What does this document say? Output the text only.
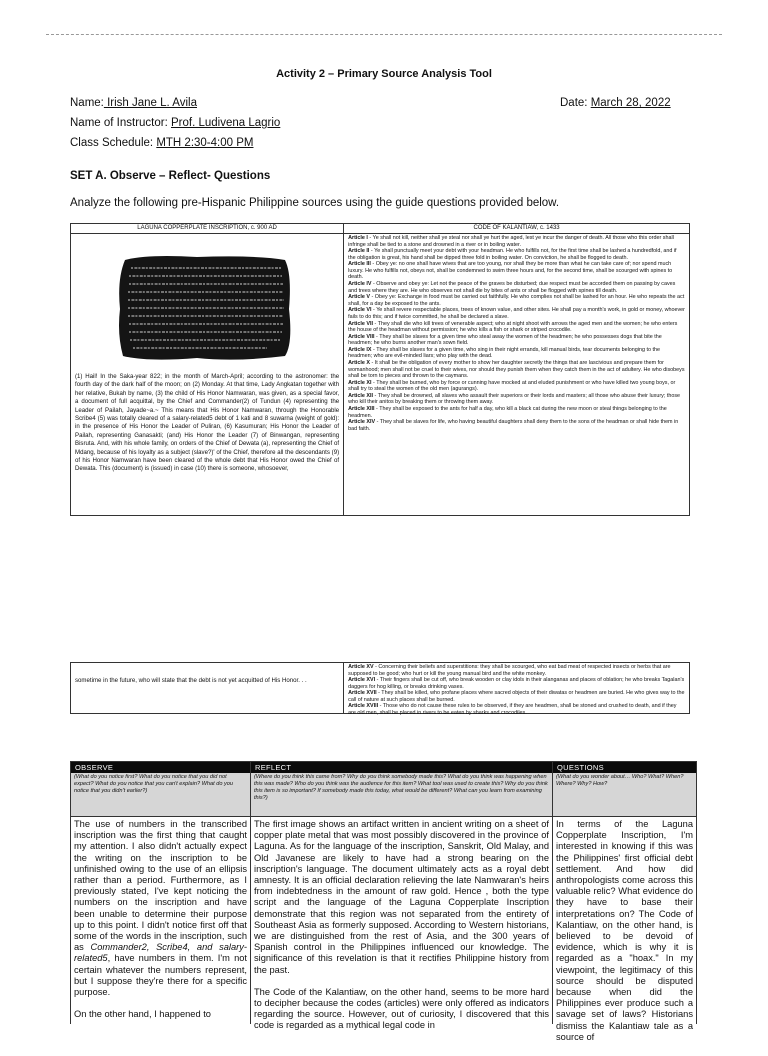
Activity 2 – Primary Source Analysis Tool
Name: Irish Jane L. Avila	Date: March 28, 2022
Name of Instructor: Prof. Ludivena Lagrio
Class Schedule: MTH 2:30-4:00 PM
SET A. Observe – Reflect- Questions
Analyze the following pre-Hispanic Philippine sources using the guide questions provided below.
LAGUNA COPPERPLATE INSCRIPTION, c. 900 AD
(1) Hail! In the Saka-year 822; in the month of March-April; according to the astronomer: the fourth day of the dark half of the moon; on (2) Monday. At that time, Lady Angkatan together with her relative, Bukah by name, (3) the child of His Honor Namwaran, was given, as a special favor, a document of full acquittal, by the Chief and Commander(2) of Tundun (4) representing the Leader of Pailah, Jayade~a.~ This means that His Honor Namwaran, through the Honorable Scribe4 (5) was totally cleared of a salary-related5 debt of 1 kati and 8 suwarna (weight of gold): in the presence of His Honor the Leader of Puliran, (6) Kasumuran; His Honor the Leader of Pailah, representing Ganasakti; (and) His Honor the Leader (7) of Binwangan, representing Bisruta. And, with his whole family, on orders of the Chief of Dewata (a), representing the Chief of Mdang, because of his loyalty as a subject (slave?)' of the Chief, therefore all the descendants (9) of his Honor Namwaran have been cleared of the whole debt that His Honor owed the Chief of Dewata. This (document) is (issued) in case (10) there is someone, whosoever,
CODE OF KALANTIAW, c. 1433

Article I - Ye shall not kill, neither shall ye steal nor shall ye hurt the aged, lest ye incur the danger of death. All those who this order shall infringe shall be tied to a stone and drowned in a river or in boiling water.

Article II - Ye shall punctually meet your debt with your headman. He who fulfills not, for the first time shall be lashed a hundredfold, and if the obligation is great, his hand shall be dipped three fold in boiling water. On conviction, he shall be flogged to death.

Article III - Obey ye: no one shall have wives that are too young, nor shall they be more than what he can take care of; nor spend much luxury. He who fulfills not, obeys not, shall be condemned to swim three hours and, for the second time, shall be scourged with spines to death.

Article IV - Observe and obey ye: Let not the peace of the graves be disturbed; due respect must be accorded them on passing by caves and trees where they are. He who observes not shall die by bites of ants or shall be flogged with spines till death.

Article V - Obey ye: Exchange in food must be carried out faithfully. He who complies not shall be lashed for an hour. He who repeats the act shall, for a day be exposed to the ants.

Article VI - Ye shall revere respectable places, trees of known value, and other sites. He shall pay a month's work, in gold or money, whoever fails to do this; and if twice committed, he shall be declared a slave.

Article VII - They shall die who kill trees of venerable aspect; who at night shoot with arrows the aged men and the women; he who enters the house of the headman without permission; he who kills a fish or shark or striped crocodile.

Article VIII - They shall be slaves for a given time who steal away the women of the headmen; he who possesses dogs that bite the headmen; he who burns another man's sown field.

Article IX - They shall be slaves for a given time, who sing in their night errands, kill manual birds, tear documents belonging to the headmen; who are evil-minded liars; who play with the dead.

Article X - It shall be the obligation of every mother to show her daughter secretly the things that are lascivious and prepare them for womanhood; men shall not be cruel to their wives, nor should they punish them when they catch them in the act of adultery. He who disobeys shall be torn to pieces and thrown to the caymans.

Article XI - They shall be burned, who by force or cunning have mocked at and eluded punishment or who have killed two young boys, or shall try to steal the women of the old men (agurangs).

Article XII - They shall be drowned, all slaves who assault their superiors or their lords and masters; all those who abuse their luxury; those who kill their anitos by breaking them or throwing them away.

Article XIII - They shall be exposed to the ants for half a day, who kill a black cat during the new moon or steal things belonging to the headmen.

Article XIV - They shall be slaves for life, who having beautiful daughters shall deny them to the sons of the headman or shall hide them in bad faith.

sometime in the future, who will state that the debt is not yet acquitted of His Honor. . .

Article XV - Concerning their beliefs and superstitions: they shall be scourged, who eat bad meat of respected insects or herbs that are supposed to be good; who hurt or kill the young manual bird and the white monkey.

Article XVI - Their fingers shall be cut off, who break wooden or clay idols in their alanganas and places of oblation; he who breaks Tagalan's daggers for hog killing, or breaks drinking vases.

Article XVII - They shall be killed, who profane places where sacred objects of their diwatas or headmen are buried. He who gives way to the call of nature at such places shall be burned.

Article XVIII - Those who do not cause these rules to be observed, if they are headmen, shall be stoned and crushed to death, and if they are old men, shall be placed in rivers to be eaten by sharks and crocodiles.

OBSERVE
(What do you notice first? What do you notice that you did not expect? What do you notice that you can't explain? What do you notice that you didn't earlier?)

The use of numbers in the transcribed inscription was the first thing that caught my attention. I also didn't actually expect the writing on the inscription to be unfinished owing to the use of an ellipsis rather than a period. Furthermore, as I previously stated, I've kept noticing the numbers on the inscription and have been unable to determine their purpose up to this point. I didn't notice first off that some of the words in the inscription, such as Commander2, Scribe4, and salary-related5, have numbers in them. I'm not certain whatever the numbers represent, but I suppose they're there for a specific purpose.

On the other hand, I happened to

REFLECT
(Where do you think this came from? Why do you think somebody made this? What do you think was happening when this was made? Who do you think was the audience for this item? What tool was used to create this? Why do you think this item is so important? If somebody made this today, what would be different? What can you learn from examining this?)

The first image shows an artifact written in ancient writing on a sheet of copper plate metal that was most possibly discovered in the province of Laguna. As for the language of the inscription, Sanskrit, Old Malay, and Old Javanese are likely to have had a strong bearing on the inscription's language. The document ultimately acts as a royal debt amnesty. It is an official declaration relieving the late Namwaran's heirs from indebtedness in the amount of raw gold. Hence , both the type script and the language of the Laguna Copperplate Inscription demonstrate that this region was not separated from the entirety of Southeast Asia as formerly supposed. According to Western historians, we are distinguished from the rest of Asia, and the 300 years of Spanish control in the Philippines influenced our knowledge. The significance of this revelation is that it rectifies Philippine history from the past.

The Code of the Kalantiaw, on the other hand, seems to be more hard to decipher because the codes (articles) were only offered as indicators regarding the source. However, out of curiosity, I discovered that this code is regarded as a mythical legal code in

QUESTIONS
(What do you wonder about… Who? What? When? Where? Why? How?

In terms of the Laguna Copperplate Inscription, I'm interested in knowing if this was the Philippines' first official debt settlement. And how did anthropologists come across this valuable relic? What evidence do they have to base their interpretations on? The Code of Kalantiaw, on the other hand, is believed to be devoid of evidence, which is why it is regarded as a "hoax." In my viewpoint, the legitimacy of this source should be disputed because when did the Philippines ever produce such a savage set of laws? Historians dismiss the Kalantiaw tale as a source of
